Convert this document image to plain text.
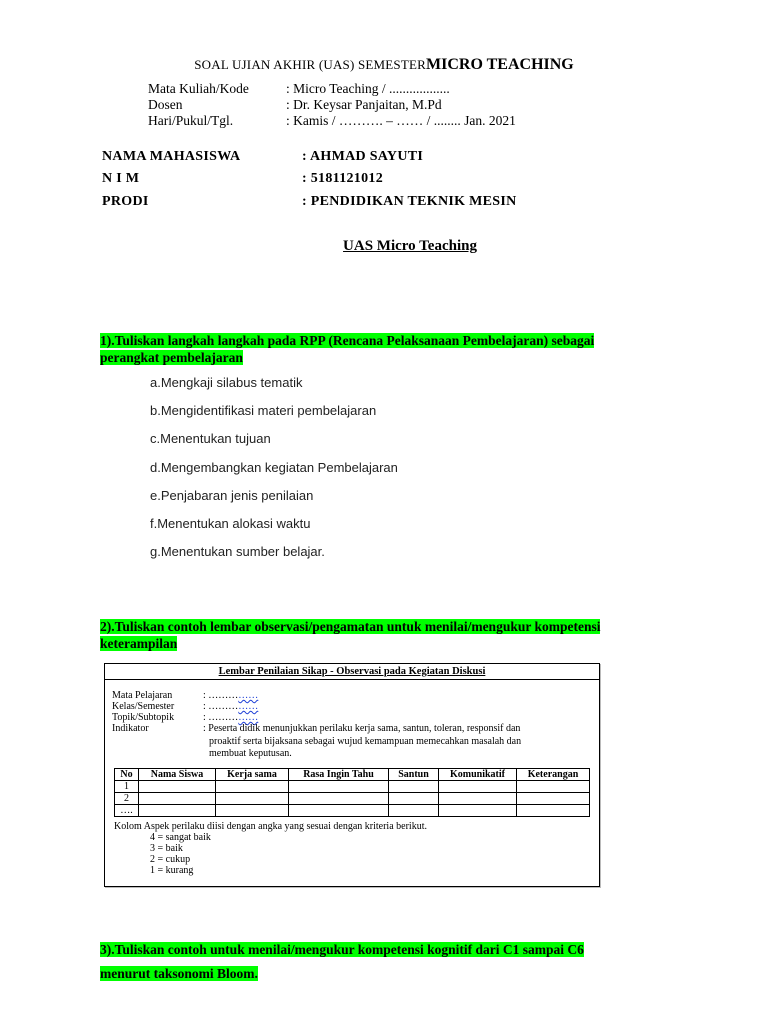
SOAL UJIAN AKHIR (UAS) SEMESTERMICRO TEACHING
Mata Kuliah/Kode	: Micro Teaching / ..................
Dosen	: Dr. Keysar Panjaitan, M.Pd
Hari/Pukul/Tgl.	: Kamis / ………. – …… / ........ Jan. 2021
NAMA MAHASISWA	: AHMAD SAYUTI
N I M	: 5181121012
PRODI	: PENDIDIKAN TEKNIK MESIN
UAS Micro Teaching
1).Tuliskan langkah langkah pada RPP (Rencana Pelaksanaan Pembelajaran) sebagai
perangkat pembelajaran
a.Mengkaji silabus tematik
b.Mengidentifikasi materi pembelajaran
c.Menentukan tujuan
d.Mengembangkan kegiatan Pembelajaran
e.Penjabaran jenis penilaian
f.Menentukan alokasi waktu
g.Menentukan sumber belajar.
2).Tuliskan contoh lembar observasi/pengamatan untuk menilai/mengukur kompetensi
keterampilan
Lembar Penilaian Sikap - Observasi pada Kegiatan Diskusi
Mata Pelajaran	: ……………
Kelas/Semester	: ……………
Topik/Subtopik	: ……………
Indikator	: Peserta didik menunjukkan perilaku kerja sama, santun, toleran, responsif dan
proaktif serta bijaksana sebagai wujud kemampuan memecahkan masalah dan
membuat keputusan.
No	Nama Siswa	Kerja sama	Rasa Ingin Tahu	Santun	Komunikatif	Keterangan
1						
2						
….						
Kolom Aspek perilaku diisi dengan angka yang sesuai dengan kriteria berikut.
4 = sangat baik
3 = baik
2 = cukup
1 = kurang
3).Tuliskan contoh untuk menilai/mengukur kompetensi kognitif dari C1 sampai C6
menurut taksonomi Bloom.
